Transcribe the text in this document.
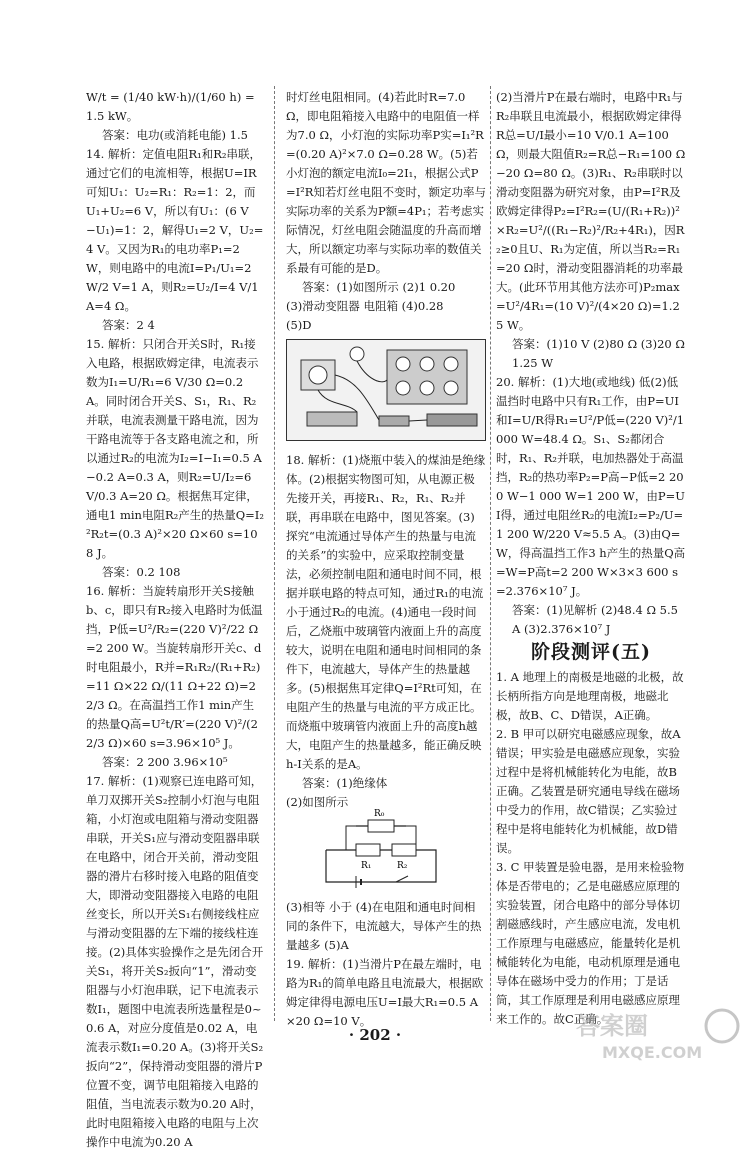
W/t = (1/40 kW·h)/(1/60 h) = 1.5 kW。

答案：电功(或消耗电能) 1.5

14. 解析：定值电阻R₁和R₂串联，通过它们的电流相等，根据U=IR可知U₁：U₂=R₁：R₂=1：2，而U₁+U₂=6 V，所以有U₁：(6 V−U₁)=1：2，解得U₁=2 V，U₂=4 V。又因为R₁的电功率P₁=2 W，则电路中的电流I=P₁/U₁=2 W/2 V=1 A，则R₂=U₂/I=4 V/1 A=4 Ω。

答案：2 4

15. 解析：只闭合开关S时，R₁接入电路，根据欧姆定律，电流表示数为I₁=U/R₁=6 V/30 Ω=0.2 A。同时闭合开关S、S₁，R₁、R₂并联，电流表测量干路电流，因为干路电流等于各支路电流之和，所以通过R₂的电流为I₂=I−I₁=0.5 A−0.2 A=0.3 A，则R₂=U/I₂=6 V/0.3 A=20 Ω。根据焦耳定律，通电1 min电阻R₂产生的热量Q=I₂²R₂t=(0.3 A)²×20 Ω×60 s=108 J。

答案：0.2 108

16. 解析：当旋转扇形开关S接触b、c，即只有R₂接入电路时为低温挡，P低=U²/R₂=(220 V)²/22 Ω=2 200 W。当旋转扇形开关c、d时电阻最小，R并=R₁R₂/(R₁+R₂)=11 Ω×22 Ω/(11 Ω+22 Ω)=22/3 Ω。在高温挡工作1 min产生的热量Q高=U²t/R′=(220 V)²/(22/3 Ω)×60 s=3.96×10⁵ J。

答案：2 200 3.96×10⁵

17. 解析：(1)观察已连电路可知，单刀双掷开关S₂控制小灯泡与电阻箱，小灯泡或电阻箱与滑动变阻器串联，开关S₁应与滑动变阻器串联在电路中，闭合开关前，滑动变阻器的滑片右移时接入电路的阻值变大，即滑动变阻器接入电路的电阻丝变长，所以开关S₁右侧接线柱应与滑动变阻器的左下端的接线柱连接。(2)具体实验操作之是先闭合开关S₁，将开关S₂扳向“1”，滑动变阻器与小灯泡串联，记下电流表示数I₁，题图中电流表所选量程是0~0.6 A，对应分度值是0.02 A，电流表示数I₁=0.20 A。(3)将开关S₂扳向“2”，保持滑动变阻器的滑片P位置不变，调节电阻箱接入电路的阻值，当电流表示数为0.20 A时，此时电阻箱接入电路的电阻与上次操作中电流为0.20 A

时灯丝电阻相同。(4)若此时R=7.0 Ω，即电阻箱接入电路中的电阻值一样为7.0 Ω，小灯泡的实际功率P实=I₁²R=(0.20 A)²×7.0 Ω=0.28 W。(5)若小灯泡的额定电流I₀=2I₁，根据公式P=I²R知若灯丝电阻不变时，额定功率与实际功率的关系为P额=4P₁；若考虑实际情况，灯丝电阻会随温度的升高而增大，所以额定功率与实际功率的数值关系最有可能的是D。

答案：(1)如图所示 (2)1 0.20

(3)滑动变阻器 电阻箱 (4)0.28

(5)D

18. 解析：(1)烧瓶中装入的煤油是绝缘体。(2)根据实物图可知，从电源正极先接开关，再接R₁、R₂，R₁、R₂并联，再串联在电路中，图见答案。(3)探究“电流通过导体产生的热量与电流的关系”的实验中，应采取控制变量法，必须控制电阻和通电时间不同，根据并联电路的特点可知，通过R₁的电流小于通过R₂的电流。(4)通电一段时间后，乙烧瓶中玻璃管内液面上升的高度较大，说明在电阻和通电时间相同的条件下，电流越大，导体产生的热量越多。(5)根据焦耳定律Q=I²Rt可知，在电阻产生的热量与电流的平方成正比。而烧瓶中玻璃管内液面上升的高度h越大，电阻产生的热量越多，能正确反映h-I关系的是A。

答案：(1)绝缘体

(2)如图所示

R₀
R₁	R₂

(3)相等 小于 (4)在电阻和通电时间相同的条件下，电流越大，导体产生的热量越多 (5)A

19. 解析：(1)当滑片P在最左端时，电路为R₁的简单电路且电流最大，根据欧姆定律得电源电压U=I最大R₁=0.5 A×20 Ω=10 V。

(2)当滑片P在最右端时，电路中R₁与R₂串联且电流最小，根据欧姆定律得R总=U/I最小=10 V/0.1 A=100 Ω，则最大阻值R₂=R总−R₁=100 Ω−20 Ω=80 Ω。(3)R₁、R₂串联时以滑动变阻器为研究对象，由P=I²R及欧姆定律得P₂=I²R₂=(U/(R₁+R₂))²×R₂=U²/((R₁−R₂)²/R₂+4R₁)，因R₂≥0且U、R₁为定值，所以当R₂=R₁=20 Ω时，滑动变阻器消耗的功率最大。(此环节用其他方法亦可)P₂max=U²/4R₁=(10 V)²/(4×20 Ω)=1.25 W。

答案：(1)10 V (2)80 Ω (3)20 Ω 1.25 W

20. 解析：(1)大地(或地线) 低(2)低温挡时电路中只有R₁工作，由P=UI和I=U/R得R₁=U²/P低=(220 V)²/1 000 W=48.4 Ω。S₁、S₂都闭合时，R₁、R₂并联，电加热器处于高温挡，R₂的热功率P₂=P高−P低=2 200 W−1 000 W=1 200 W，由P=UI得，通过电阻丝R₂的电流I₂=P₂/U=1 200 W/220 V≈5.5 A。(3)由Q=W，得高温挡工作3 h产生的热量Q高=W=P高t=2 200 W×3×3 600 s=2.376×10⁷ J。

答案：(1)见解析 (2)48.4 Ω 5.5 A (3)2.376×10⁷ J

阶段测评(五)

1. A 地理上的南极是地磁的北极，故长柄所指方向是地理南极，地磁北极，故B、C、D错误，A正确。

2. B 甲可以研究电磁感应现象，故A错误；甲实验是电磁感应现象，实验过程中是将机械能转化为电能，故B正确。乙装置是研究通电导线在磁场中受力的作用，故C错误；乙实验过程中是将电能转化为机械能，故D错误。

3. C 甲装置是验电器，是用来检验物体是否带电的；乙是电磁感应原理的实验装置，闭合电路中的部分导体切割磁感线时，产生感应电流，发电机工作原理与电磁感应，能量转化是机械能转化为电能，电动机原理是通电导体在磁场中受力的作用；丁是话筒，其工作原理是利用电磁感应原理来工作的。故C正确。

· 202 ·	答案圈
MXQE.COM
